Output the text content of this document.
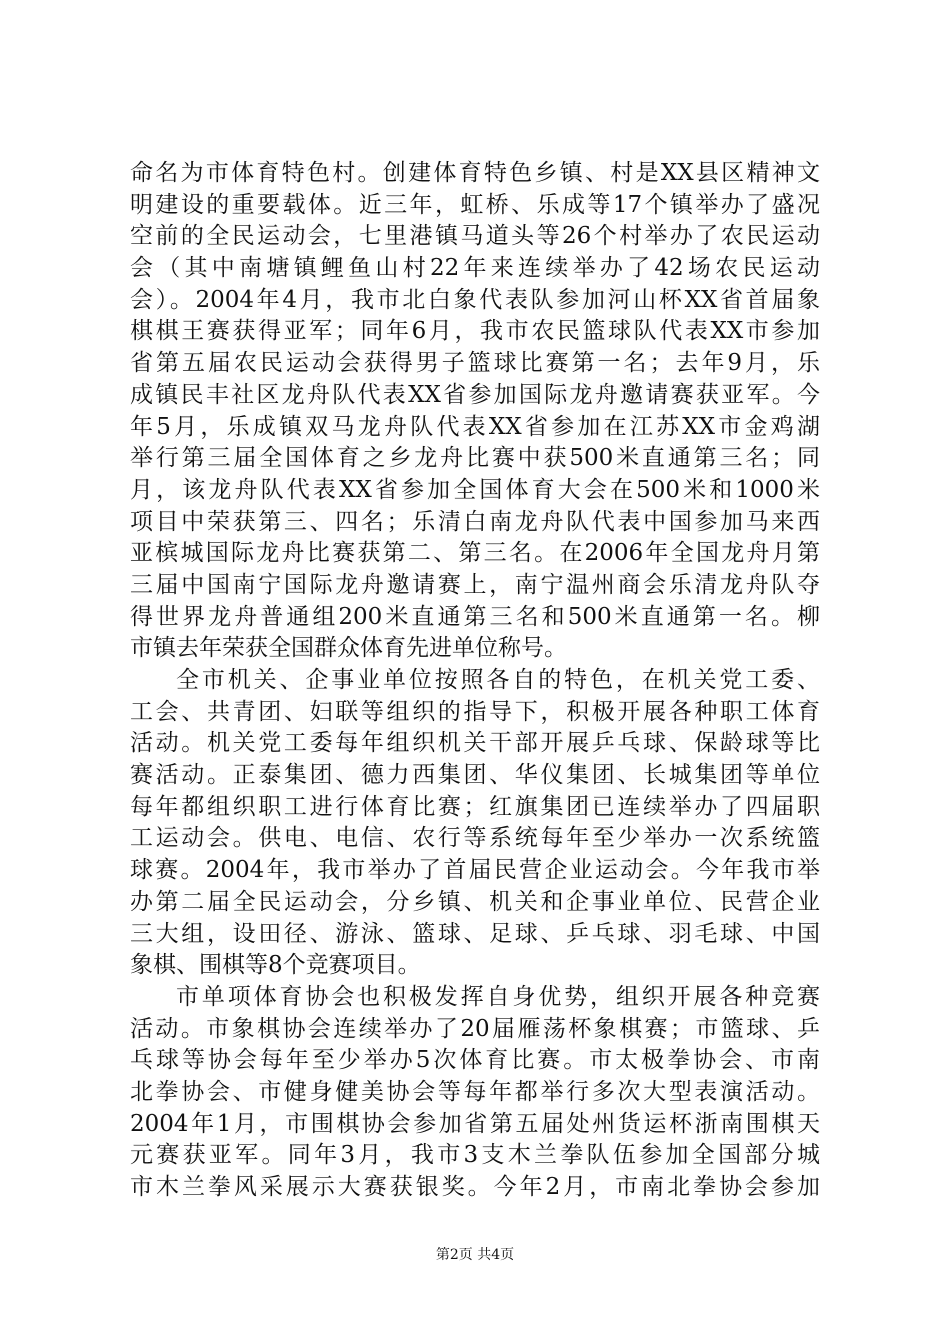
命名为市体育特色村。创建体育特色乡镇、村是XX县区精神文
明建设的重要载体。近三年，虹桥、乐成等17个镇举办了盛况
空前的全民运动会，七里港镇马道头等26个村举办了农民运动
会（其中南塘镇鲤鱼山村22年来连续举办了42场农民运动
会）。2004年4月，我市北白象代表队参加河山杯XX省首届象
棋棋王赛获得亚军；同年6月，我市农民篮球队代表XX市参加
省第五届农民运动会获得男子篮球比赛第一名；去年9月，乐
成镇民丰社区龙舟队代表XX省参加国际龙舟邀请赛获亚军。今
年5月，乐成镇双马龙舟队代表XX省参加在江苏XX市金鸡湖
举行第三届全国体育之乡龙舟比赛中获500米直通第三名；同
月，该龙舟队代表XX省参加全国体育大会在500米和1000米
项目中荣获第三、四名；乐清白南龙舟队代表中国参加马来西
亚槟城国际龙舟比赛获第二、第三名。在2006年全国龙舟月第
三届中国南宁国际龙舟邀请赛上，南宁温州商会乐清龙舟队夺
得世界龙舟普通组200米直通第三名和500米直通第一名。柳
市镇去年荣获全国群众体育先进单位称号。
全市机关、企事业单位按照各自的特色，在机关党工委、
工会、共青团、妇联等组织的指导下，积极开展各种职工体育
活动。机关党工委每年组织机关干部开展乒乓球、保龄球等比
赛活动。正泰集团、德力西集团、华仪集团、长城集团等单位
每年都组织职工进行体育比赛；红旗集团已连续举办了四届职
工运动会。供电、电信、农行等系统每年至少举办一次系统篮
球赛。2004年，我市举办了首届民营企业运动会。今年我市举
办第二届全民运动会，分乡镇、机关和企事业单位、民营企业
三大组，设田径、游泳、篮球、足球、乒乓球、羽毛球、中国
象棋、围棋等8个竞赛项目。
市单项体育协会也积极发挥自身优势，组织开展各种竞赛
活动。市象棋协会连续举办了20届雁荡杯象棋赛；市篮球、乒
乓球等协会每年至少举办5次体育比赛。市太极拳协会、市南
北拳协会、市健身健美协会等每年都举行多次大型表演活动。
2004年1月，市围棋协会参加省第五届处州货运杯浙南围棋天
元赛获亚军。同年3月，我市3支木兰拳队伍参加全国部分城
市木兰拳风采展示大赛获银奖。今年2月，市南北拳协会参加
第2页 共4页
